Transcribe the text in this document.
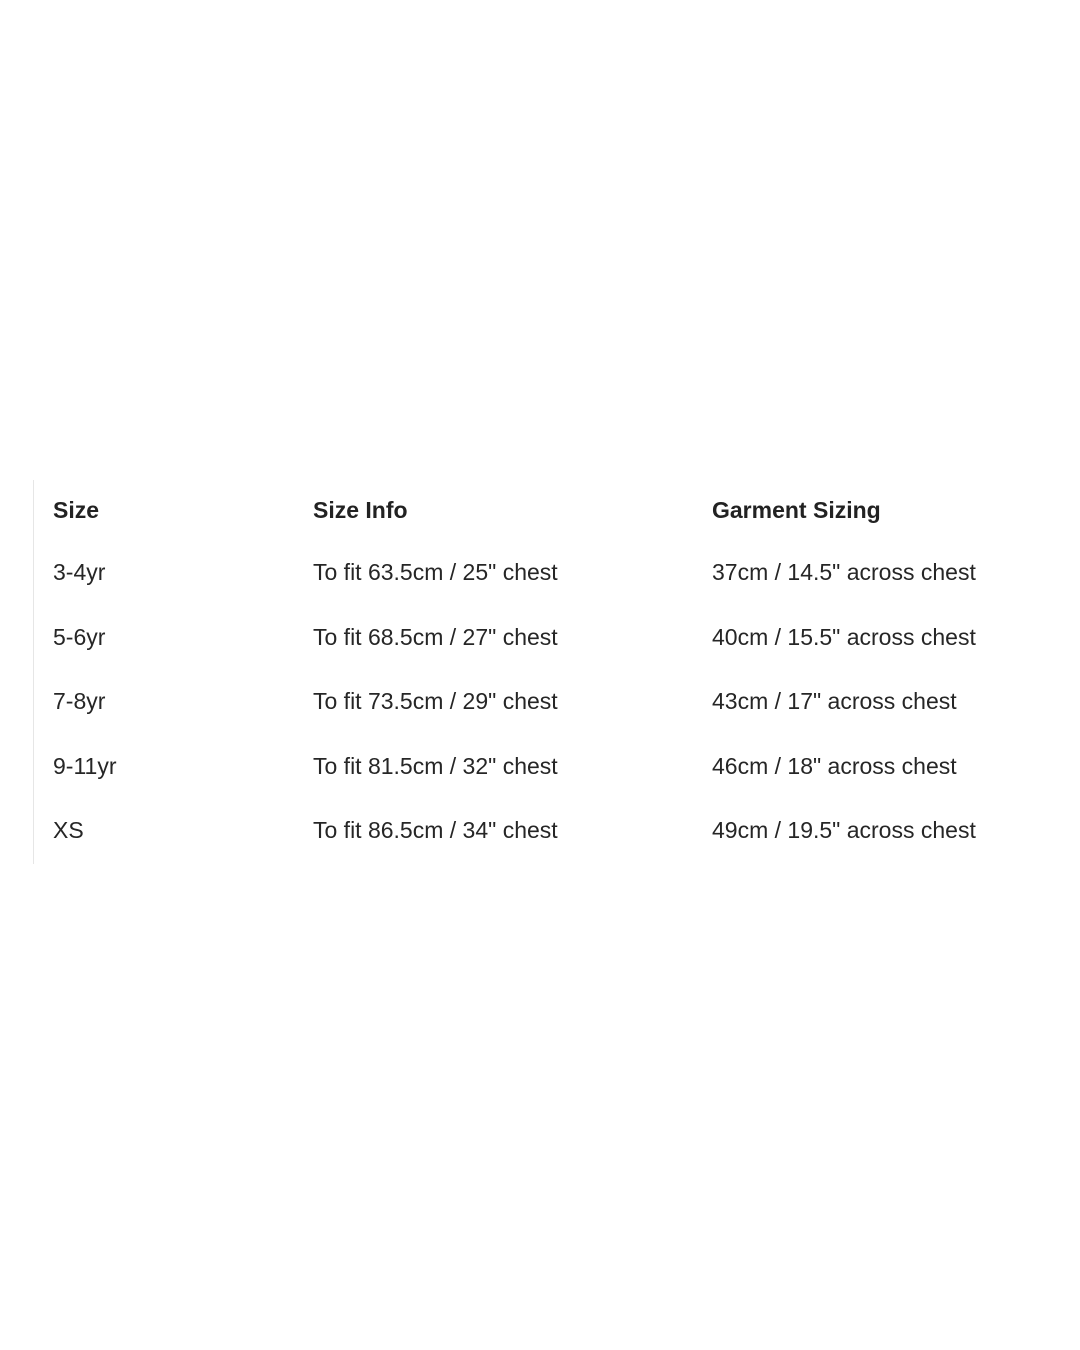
Size	Size Info	Garment Sizing
3-4yr	To fit 63.5cm / 25" chest	37cm / 14.5" across chest
5-6yr	To fit 68.5cm / 27" chest	40cm / 15.5" across chest
7-8yr	To fit 73.5cm / 29" chest	43cm / 17" across chest
9-11yr	To fit 81.5cm / 32" chest	46cm / 18" across chest
XS	To fit 86.5cm / 34" chest	49cm / 19.5" across chest
